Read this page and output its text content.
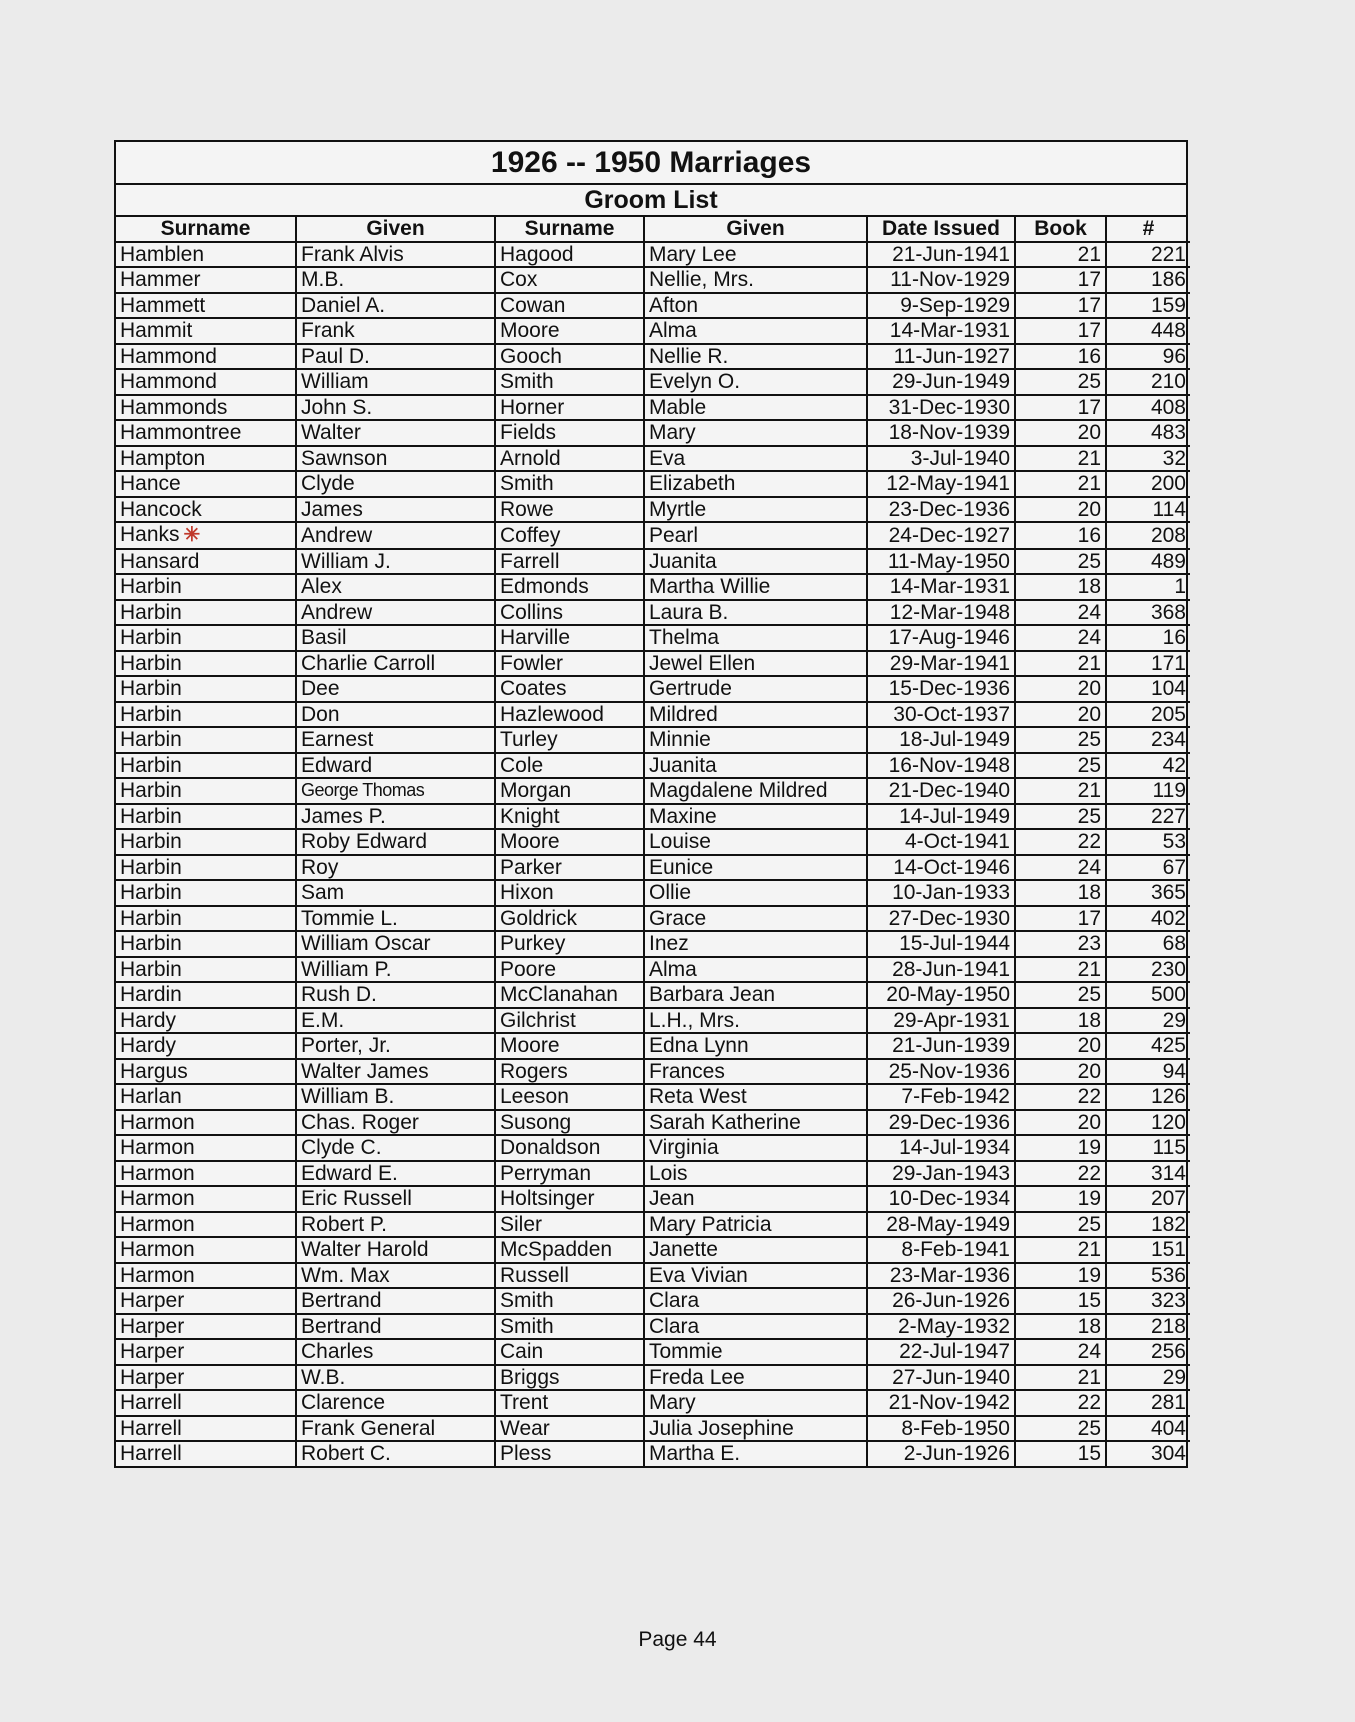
1926 -- 1950 Marriages
Groom List
Surname	Given	Surname	Given	Date Issued	Book	#
Hamblen	Frank Alvis	Hagood	Mary Lee	21-Jun-1941	21	221
Hammer	M.B.	Cox	Nellie, Mrs.	11-Nov-1929	17	186
Hammett	Daniel A.	Cowan	Afton	9-Sep-1929	17	159
Hammit	Frank	Moore	Alma	14-Mar-1931	17	448
Hammond	Paul D.	Gooch	Nellie R.	11-Jun-1927	16	96
Hammond	William	Smith	Evelyn O.	29-Jun-1949	25	210
Hammonds	John S.	Horner	Mable	31-Dec-1930	17	408
Hammontree	Walter	Fields	Mary	18-Nov-1939	20	483
Hampton	Sawnson	Arnold	Eva	3-Jul-1940	21	32
Hance	Clyde	Smith	Elizabeth	12-May-1941	21	200
Hancock	James	Rowe	Myrtle	23-Dec-1936	20	114
Hanks ✳	Andrew	Coffey	Pearl	24-Dec-1927	16	208
Hansard	William J.	Farrell	Juanita	11-May-1950	25	489
Harbin	Alex	Edmonds	Martha Willie	14-Mar-1931	18	1
Harbin	Andrew	Collins	Laura B.	12-Mar-1948	24	368
Harbin	Basil	Harville	Thelma	17-Aug-1946	24	16
Harbin	Charlie Carroll	Fowler	Jewel Ellen	29-Mar-1941	21	171
Harbin	Dee	Coates	Gertrude	15-Dec-1936	20	104
Harbin	Don	Hazlewood	Mildred	30-Oct-1937	20	205
Harbin	Earnest	Turley	Minnie	18-Jul-1949	25	234
Harbin	Edward	Cole	Juanita	16-Nov-1948	25	42
Harbin	George Thomas	Morgan	Magdalene Mildred	21-Dec-1940	21	119
Harbin	James P.	Knight	Maxine	14-Jul-1949	25	227
Harbin	Roby Edward	Moore	Louise	4-Oct-1941	22	53
Harbin	Roy	Parker	Eunice	14-Oct-1946	24	67
Harbin	Sam	Hixon	Ollie	10-Jan-1933	18	365
Harbin	Tommie L.	Goldrick	Grace	27-Dec-1930	17	402
Harbin	William Oscar	Purkey	Inez	15-Jul-1944	23	68
Harbin	William P.	Poore	Alma	28-Jun-1941	21	230
Hardin	Rush D.	McClanahan	Barbara Jean	20-May-1950	25	500
Hardy	E.M.	Gilchrist	L.H., Mrs.	29-Apr-1931	18	29
Hardy	Porter, Jr.	Moore	Edna Lynn	21-Jun-1939	20	425
Hargus	Walter James	Rogers	Frances	25-Nov-1936	20	94
Harlan	William B.	Leeson	Reta West	7-Feb-1942	22	126
Harmon	Chas. Roger	Susong	Sarah Katherine	29-Dec-1936	20	120
Harmon	Clyde C.	Donaldson	Virginia	14-Jul-1934	19	115
Harmon	Edward E.	Perryman	Lois	29-Jan-1943	22	314
Harmon	Eric Russell	Holtsinger	Jean	10-Dec-1934	19	207
Harmon	Robert P.	Siler	Mary Patricia	28-May-1949	25	182
Harmon	Walter Harold	McSpadden	Janette	8-Feb-1941	21	151
Harmon	Wm. Max	Russell	Eva Vivian	23-Mar-1936	19	536
Harper	Bertrand	Smith	Clara	26-Jun-1926	15	323
Harper	Bertrand	Smith	Clara	2-May-1932	18	218
Harper	Charles	Cain	Tommie	22-Jul-1947	24	256
Harper	W.B.	Briggs	Freda Lee	27-Jun-1940	21	29
Harrell	Clarence	Trent	Mary	21-Nov-1942	22	281
Harrell	Frank General	Wear	Julia Josephine	8-Feb-1950	25	404
Harrell	Robert C.	Pless	Martha E.	2-Jun-1926	15	304
Page 44
